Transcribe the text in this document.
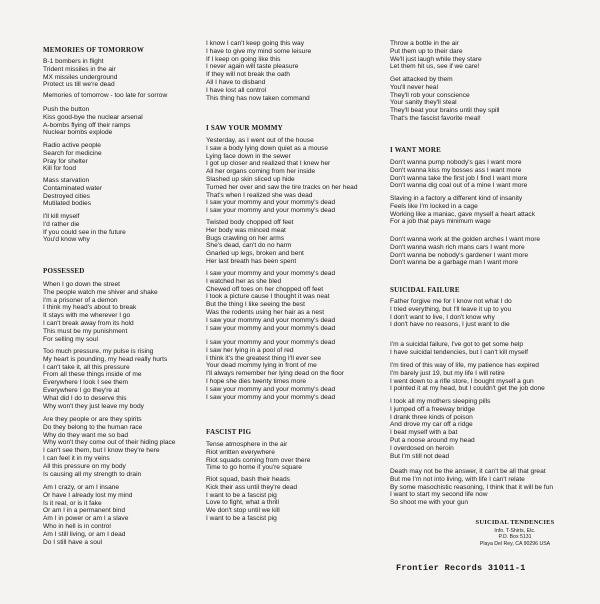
MEMORIES OF TOMORROW
B-1 bombers in flight
Trident missiles in the air
MX missiles underground
Protect us till we're dead
Memories of tomorrow - too late for sorrow
Push the button
Kiss good-bye the nuclear arsenal
A-bombs flying off their ramps
Nuclear bombs explode
Radio active people
Search for medicine
Pray for shelter
Kill for food
Mass starvation
Contaminated water
Destroyed cities
Mutilated bodies
I'll kill myself
I'd rather die
If you could see in the future
You'd know why
POSSESSED
When I go down the street
The people watch me shiver and shake
I'm a prisoner of a demon
I think my head's about to break
It stays with me wherever I go
I can't break away from its hold
This must be my punishment
For selling my soul
Too much pressure, my pulse is rising
My heart is pounding, my head really hurts
I can't take it, all this pressure
From all these things inside of me
Everywhere I look I see them
Everywhere I go they're at
What did I do to deserve this
Why won't they just leave my body
Are they people or are they spirits
Do they belong to the human race
Why do they want me so bad
Why won't they come out of their hiding place
I can't see them, but I know they're here
I can feel it in my veins
All this pressure on my body
Is causing all my strength to drain
Am I crazy, or am I insane
Or have I already lost my mind
Is it real, or is it fake
Or am I in a permanent bind
Am I in power or am I a slave
Who in hell is in control
Am I still living, or am I dead
Do I still have a soul
I know I can't keep going this way
I have to give my mind some leisure
If I keep on going like this
I never again will taste pleasure
If they will not break the oath
All I have to disband
I have lost all control
This thing has now taken command
I SAW YOUR MOMMY
Yesterday, as I went out of the house
I saw a body lying down quiet as a mouse
Lying face down in the sewer
I got up closer and realized that I knew her
All her organs coming from her inside
Slashed up skin sliced up hide
Turned her over and saw the tire tracks on her head
That's when I realized she was dead
I saw your mommy and your mommy's dead
I saw your mommy and your mommy's dead
Twisted body chopped off feet
Her body was minced meat
Bugs crawling on her arms
She's dead, can't do no harm
Gnarled up legs, broken and bent
Her last breath has been spent
I saw your mommy and your mommy's dead
I watched her as she bled
Chewed off toes on her chopped off feet
I took a picture cause I thought it was neat
But the thing I like seeing the best
Was the rodents using her hair as a nest
I saw your mommy and your mommy's dead
I saw your mommy and your mommy's dead
I saw your mommy and your mommy's dead
I saw her lying in a pool of red
I think it's the greatest thing I'll ever see
Your dead mommy lying in front of me
I'll always remember her lying dead on the floor
I hope she dies twenty times more
I saw your mommy and your mommy's dead
I saw your mommy and your mommy's dead
FASCIST PIG
Tense atmosphere in the air
Riot written everywhere
Riot squads coming from over there
Time to go home if you're square
Riot squad, bash their heads
Kick their ass until they're dead
I want to be a fascist pig
Love to fight, what a thrill
We don't stop until we kill
I want to be a fascist pig
Throw a bottle in the air
Put them up to their dare
We'll just laugh while they stare
Let them hit us, see if we care!
Get attacked by them
You'll never heal
They'll rob your conscience
Your sanity they'll steal
They'll beat your brains until they spill
That's the fascist favorite meal!
I WANT MORE
Don't wanna pump nobody's gas I want more
Don't wanna kiss my bosses ass I want more
Don't wanna take the first job I find I want more
Don't wanna dig coal out of a mine I want more
Slaving in a factory a different kind of insanity
Feels like I'm locked in a cage
Working like a maniac, gave myself a heart attack
For a job that pays minimum wage
Don't wanna work at the golden arches I want more
Don't wanna wash rich mans cars I want more
Don't wanna be nobody's gardener I want more
Don't wanna be a garbage man I want more
SUICIDAL FAILURE
Father forgive me for I know not what I do
I tried everything, but I'll leave it up to you
I don't want to live, I don't know why
I don't have no reasons, I just want to die
I'm a suicidal failure, I've got to get some help
I have suicidal tendencies, but I can't kill myself
I'm tired of this way of life, my patience has expired
I'm barely just 19, but my life I will retire
I went down to a rifle store, I bought myself a gun
I pointed it at my head, but I couldn't get the job done
I took all my mothers sleeping pills
I jumped off a freeway bridge
I drank three kinds of poison
And drove my car off a ridge
I beat myself with a bat
Put a noose around my head
I overdosed on heroin
But I'm still not dead
Death may not be the answer, it can't be all that great
But me I'm not into living, with life I can't relate
By some masochistic reasoning, I think that it will be fun
I want to start my second life now
So shoot me with your gun
SUICIDAL TENDENCIES
Info. T-Shirts, Etc.
P.O. Box 5131
Playa Del Rey, CA 90296 USA
Frontier Records 31011-1
